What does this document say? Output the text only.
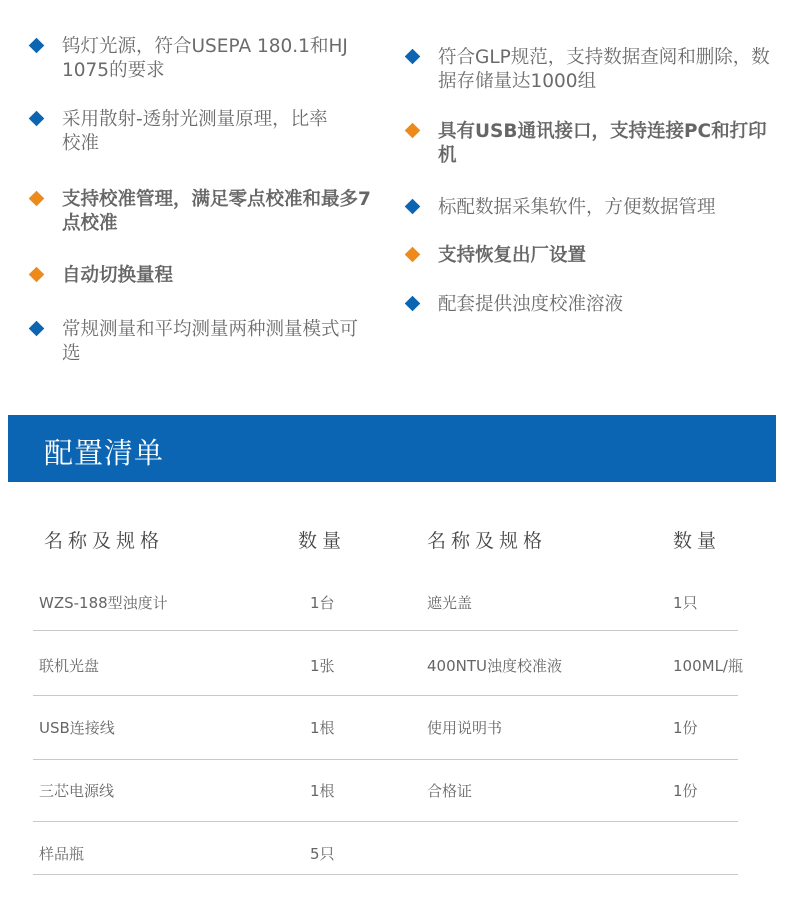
钨灯光源，符合USEPA 180.1和HJ 1075的要求
采用散射-透射光测量原理，比率校准
支持校准管理，满足零点校准和最多7点校准
自动切换量程
常规测量和平均测量两种测量模式可选
符合GLP规范，支持数据查阅和删除，数据存储量达1000组
具有USB通讯接口，支持连接PC和打印机
标配数据采集软件，方便数据管理
支持恢复出厂设置
配套提供浊度校准溶液
配置清单
名称及规格	数量	名称及规格	数量
WZS-188型浊度计	1台	遮光盖	1只
联机光盘	1张	400NTU浊度校准液	100ML/瓶
USB连接线	1根	使用说明书	1份
三芯电源线	1根	合格证	1份
样品瓶	5只
